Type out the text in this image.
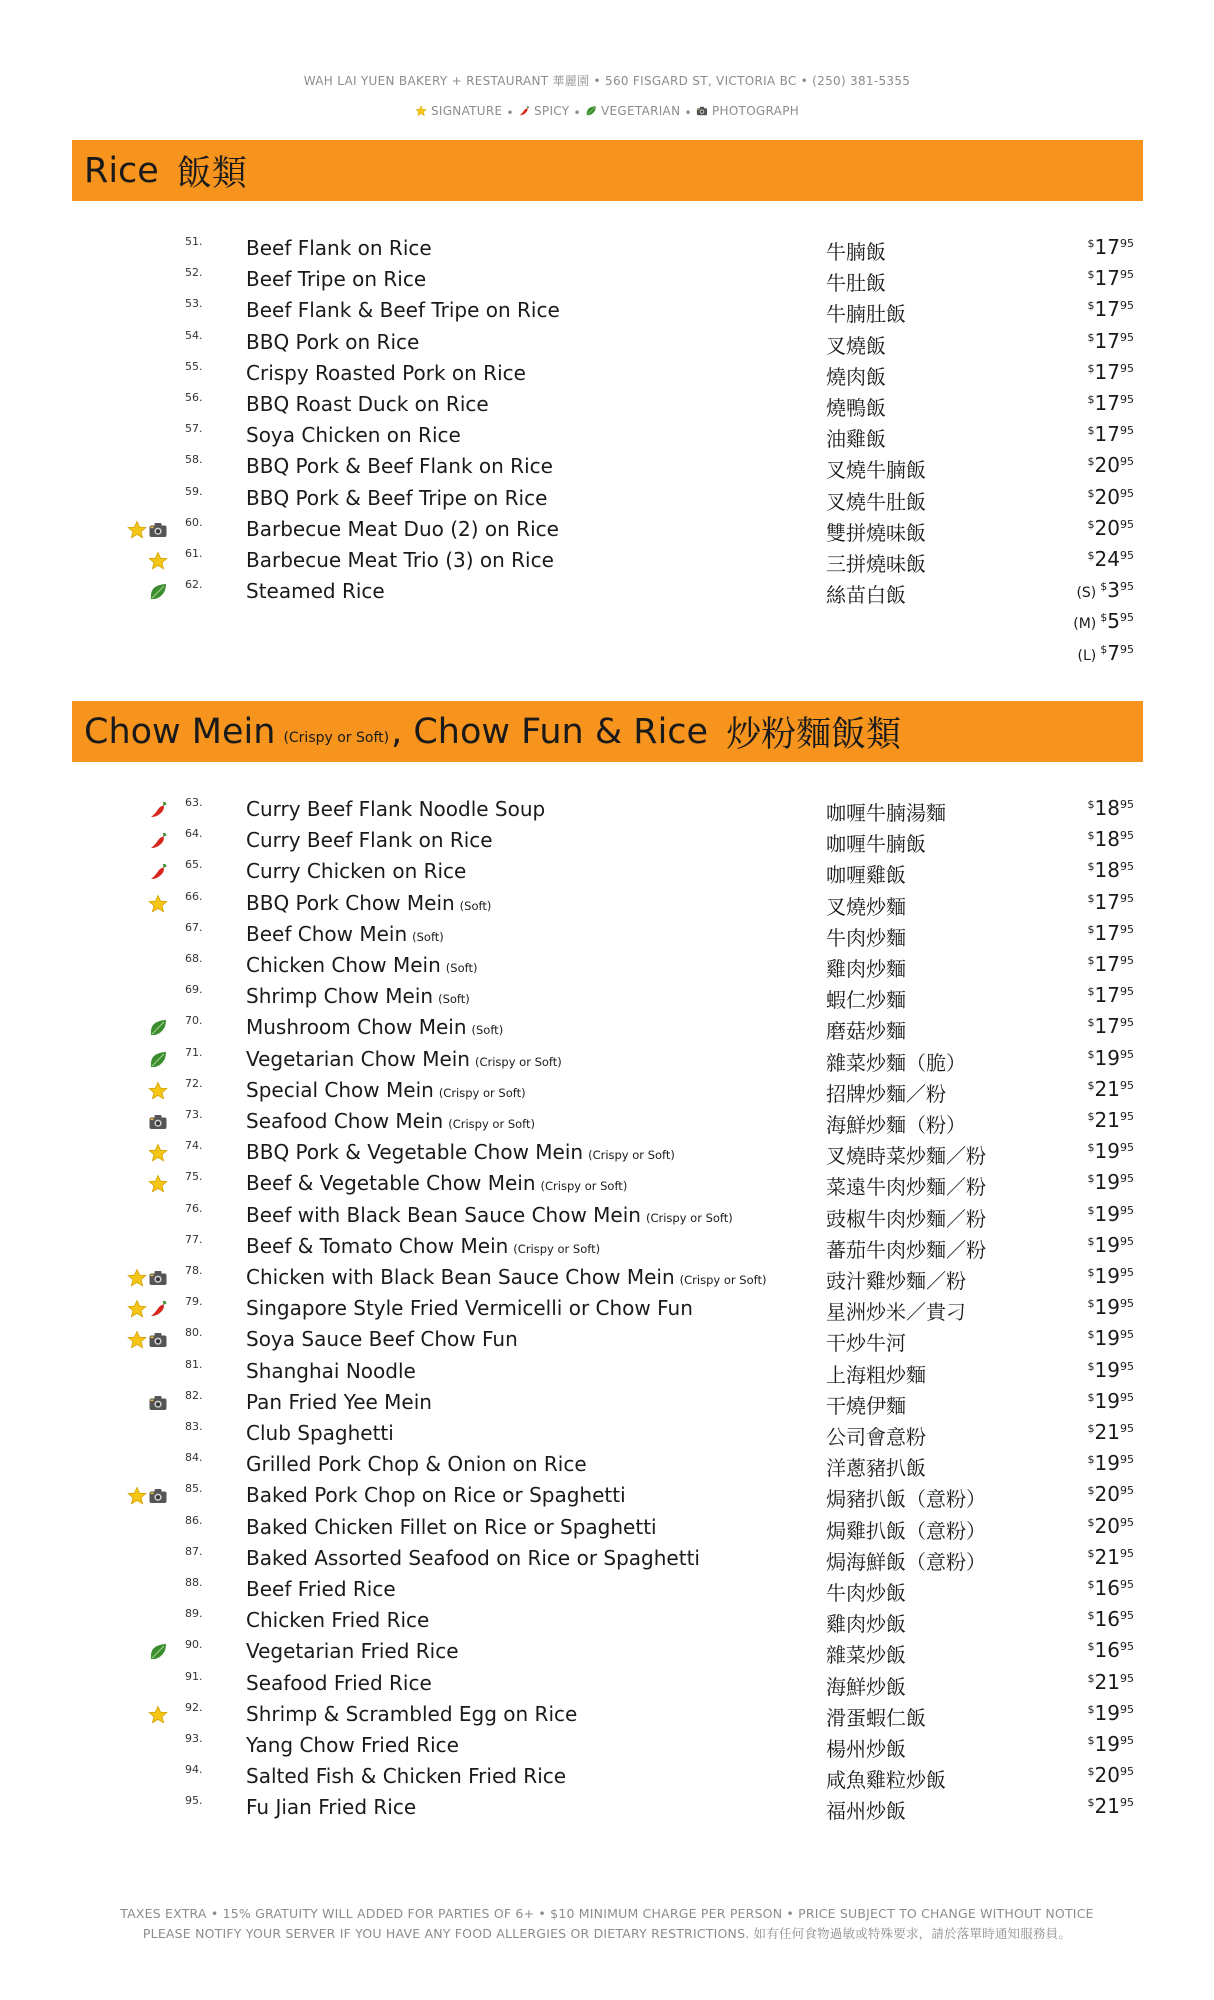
WAH LAI YUEN BAKERY + RESTAURANT 華麗園 • 560 FISGARD ST, VICTORIA BC • (250) 381-5355
SIGNATURE • SPICY • VEGETARIAN • PHOTOGRAPH
Rice 飯類
51. Beef Flank on Rice	牛腩飯	$^{\$}17^{95}$
52. Beef Tripe on Rice	牛肚飯	$^{\$}17^{95}$
53. Beef Flank & Beef Tripe on Rice	牛腩肚飯	$^{\$}17^{95}$
54. BBQ Pork on Rice	叉燒飯	$^{\$}17^{95}$
55. Crispy Roasted Pork on Rice	燒肉飯	$^{\$}17^{95}$
56. BBQ Roast Duck on Rice	燒鴨飯	$^{\$}17^{95}$
57. Soya Chicken on Rice	油雞飯	$^{\$}17^{95}$
58. BBQ Pork & Beef Flank on Rice	叉燒牛腩飯	$^{\$}20^{95}$
59. BBQ Pork & Beef Tripe on Rice	叉燒牛肚飯	$^{\$}20^{95}$
60. Barbecue Meat Duo (2) on Rice	雙拼燒味飯	$^{\$}20^{95}$
61. Barbecue Meat Trio (3) on Rice	三拼燒味飯	$^{\$}24^{95}$
62. Steamed Rice	絲苗白飯	(S) $^{\$}3^{95}$
(M) $^{\$}5^{95}$
(L) $^{\$}7^{95}$
Chow Mein (Crispy or Soft) , Chow Fun & Rice 炒粉麵飯類
63. Curry Beef Flank Noodle Soup	咖喱牛腩湯麵	$^{\$}18^{95}$
64. Curry Beef Flank on Rice	咖喱牛腩飯	$^{\$}18^{95}$
65. Curry Chicken on Rice	咖喱雞飯	$^{\$}18^{95}$
66. BBQ Pork Chow Mein (Soft)	叉燒炒麵	$^{\$}17^{95}$
67. Beef Chow Mein (Soft)	牛肉炒麵	$^{\$}17^{95}$
68. Chicken Chow Mein (Soft)	雞肉炒麵	$^{\$}17^{95}$
69. Shrimp Chow Mein (Soft)	蝦仁炒麵	$^{\$}17^{95}$
70. Mushroom Chow Mein (Soft)	磨菇炒麵	$^{\$}17^{95}$
71. Vegetarian Chow Mein (Crispy or Soft)	雜菜炒麵（脆）	$^{\$}19^{95}$
72. Special Chow Mein (Crispy or Soft)	招牌炒麵／粉	$^{\$}21^{95}$
73. Seafood Chow Mein (Crispy or Soft)	海鮮炒麵（粉）	$^{\$}21^{95}$
74. BBQ Pork & Vegetable Chow Mein (Crispy or Soft)	叉燒時菜炒麵／粉	$^{\$}19^{95}$
75. Beef & Vegetable Chow Mein (Crispy or Soft)	菜遠牛肉炒麵／粉	$^{\$}19^{95}$
76. Beef with Black Bean Sauce Chow Mein (Crispy or Soft)	豉椒牛肉炒麵／粉	$^{\$}19^{95}$
77. Beef & Tomato Chow Mein (Crispy or Soft)	蕃茄牛肉炒麵／粉	$^{\$}19^{95}$
78. Chicken with Black Bean Sauce Chow Mein (Crispy or Soft)	豉汁雞炒麵／粉	$^{\$}19^{95}$
79. Singapore Style Fried Vermicelli or Chow Fun	星洲炒米／貴刁	$^{\$}19^{95}$
80. Soya Sauce Beef Chow Fun	干炒牛河	$^{\$}19^{95}$
81. Shanghai Noodle	上海粗炒麵	$^{\$}19^{95}$
82. Pan Fried Yee Mein	干燒伊麵	$^{\$}19^{95}$
83. Club Spaghetti	公司會意粉	$^{\$}21^{95}$
84. Grilled Pork Chop & Onion on Rice	洋蔥豬扒飯	$^{\$}19^{95}$
85. Baked Pork Chop on Rice or Spaghetti	焗豬扒飯（意粉）	$^{\$}20^{95}$
86. Baked Chicken Fillet on Rice or Spaghetti	焗雞扒飯（意粉）	$^{\$}20^{95}$
87. Baked Assorted Seafood on Rice or Spaghetti	焗海鮮飯（意粉）	$^{\$}21^{95}$
88. Beef Fried Rice	牛肉炒飯	$^{\$}16^{95}$
89. Chicken Fried Rice	雞肉炒飯	$^{\$}16^{95}$
90. Vegetarian Fried Rice	雜菜炒飯	$^{\$}16^{95}$
91. Seafood Fried Rice	海鮮炒飯	$^{\$}21^{95}$
92. Shrimp & Scrambled Egg on Rice	滑蛋蝦仁飯	$^{\$}19^{95}$
93. Yang Chow Fried Rice	楊州炒飯	$^{\$}19^{95}$
94. Salted Fish & Chicken Fried Rice	咸魚雞粒炒飯	$^{\$}20^{95}$
95. Fu Jian Fried Rice	福州炒飯	$^{\$}21^{95}$
TAXES EXTRA • 15% GRATUITY WILL ADDED FOR PARTIES OF 6+ • $10 MINIMUM CHARGE PER PERSON • PRICE SUBJECT TO CHANGE WITHOUT NOTICE
PLEASE NOTIFY YOUR SERVER IF YOU HAVE ANY FOOD ALLERGIES OR DIETARY RESTRICTIONS. 如有任何食物過敏或特殊要求，請於落單時通知服務員。
